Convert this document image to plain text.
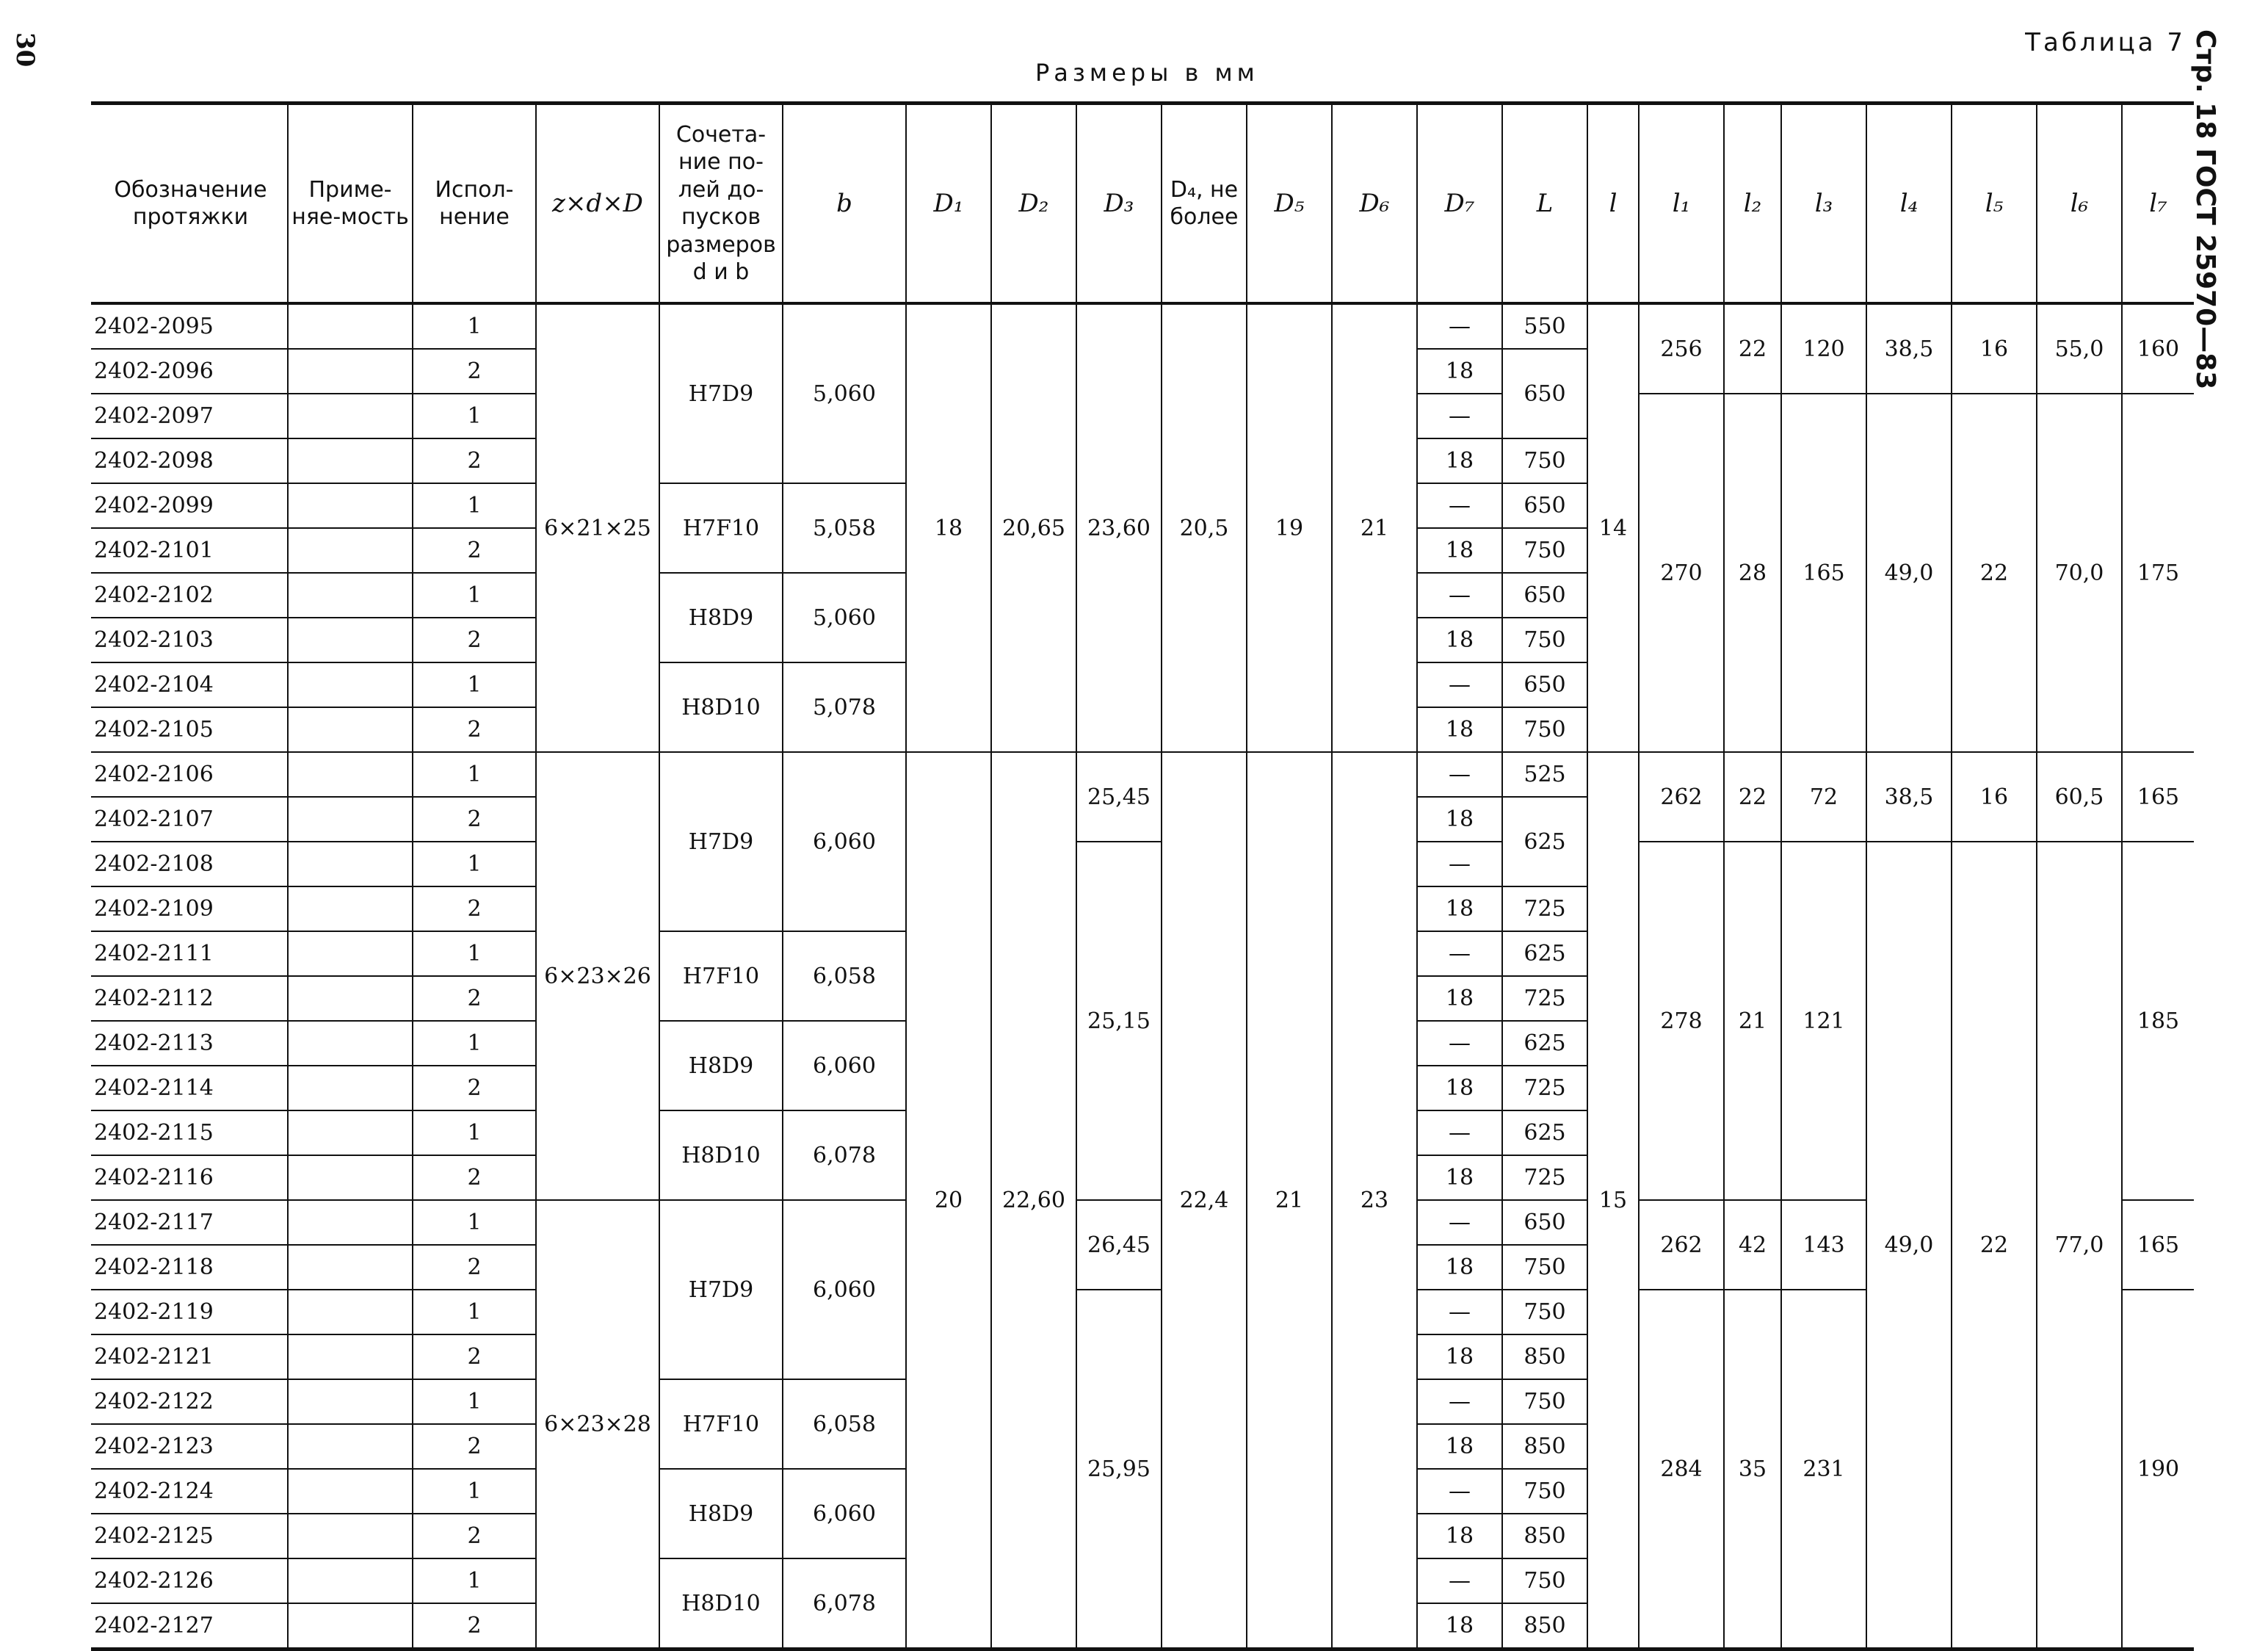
30	Стр. 18 ГОСТ 25970—83
Таблица 7
Размеры в мм
Обозначение протяжки	Приме-няе-мость	Испол-нение	z×d×D	Сочета-ние по-лей до-пусков размеров d и b	b	D₁	D₂	D₃	D₄, не более	D₅	D₆	D₇	L	l	l₁	l₂	l₃	l₄	l₅	l₆	l₇
2402-2095		1	6×21×25	H7D9	5,060	18	20,65	23,60	20,5	19	21	—	550	14	256	22	120	38,5	16	55,0	160
2402-2096		2										18	650								
2402-2097		1										—			270	28	165	49,0	22	70,0	175
2402-2098		2										18	750								
2402-2099		1		H7F10	5,058							—	650								
2402-2101		2										18	750								
2402-2102		1		H8D9	5,060							—	650								
2402-2103		2										18	750								
2402-2104		1		H8D10	5,078							—	650								
2402-2105		2										18	750								
2402-2106		1	6×23×26	H7D9	6,060	20	22,60	25,45	22,4	21	23	—	525	15	262	22	72	38,5	16	60,5	165
2402-2107		2										18	625								
2402-2108		1						25,15				—			278	21	121	49,0	22	77,0	185
2402-2109		2										18	725								
2402-2111		1		H7F10	6,058							—	625								
2402-2112		2										18	725								
2402-2113		1		H8D9	6,060							—	625								
2402-2114		2										18	725								
2402-2115		1		H8D10	6,078							—	625								
2402-2116		2										18	725								
2402-2117		1	6×23×28	H7D9	6,060			26,45				—	650		262	42	143				165
2402-2118		2										18	750								
2402-2119		1						25,95				—	750		284	35	231				190
2402-2121		2										18	850								
2402-2122		1		H7F10	6,058							—	750								
2402-2123		2										18	850								
2402-2124		1		H8D9	6,060							—	750								
2402-2125		2										18	850								
2402-2126		1		H8D10	6,078							—	750								
2402-2127		2										18	850								
